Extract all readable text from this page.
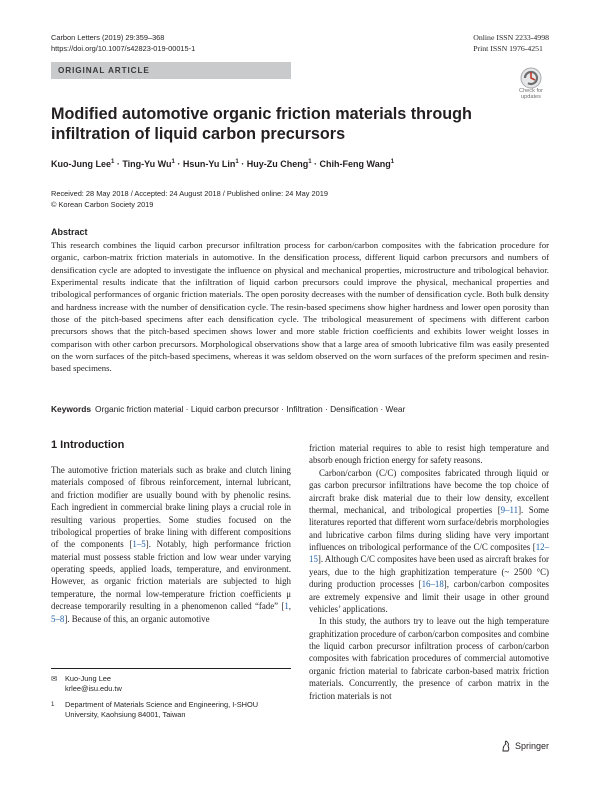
Carbon Letters (2019) 29:359–368
https://doi.org/10.1007/s42823-019-00015-1
Online ISSN 2233-4998
Print ISSN 1976-4251
ORIGINAL ARTICLE
Check for
updates
Modified automotive organic friction materials through infiltration of liquid carbon precursors
Kuo-Jung Lee$^1$ · Ting-Yu $Wu^1$ · Hsun-Yu Lin$^1$ · Huy-Zu Cheng$^1$ · Chih-Feng Wang$^1$
Received: 28 May 2018 / Accepted: 24 August 2018 / Published online: 24 May 2019
© Korean Carbon Society 2019
Abstract
This research combines the liquid carbon precursor infiltration process for carbon/carbon composites with the fabrication procedure for organic, carbon-matrix friction materials in automotive. In the densification process, different liquid carbon precursors and numbers of densification cycle are adopted to investigate the influence on physical and mechanical properties, microstructure and tribological behavior. Experimental results indicate that the infiltration of liquid carbon precursors could improve the physical, mechanical properties and tribological performances of organic friction materials. The open porosity decreases with the number of densification cycle. Both bulk density and hardness increase with the number of densification cycle. The resin-based specimens show higher hardness and lower open porosity than those of the pitch-based specimens after each densification cycle. The tribological measurement of specimens with different carbon precursors shows that the pitch-based specimen shows lower and more stable friction coefficients and exhibits lower weight losses in comparison with other carbon precursors. Morphological observations show that a large area of smooth lubricative film was easily presented on the worn surfaces of the pitch-based specimens, whereas it was seldom observed on the worn surfaces of the preform specimen and resin-based specimens.
Keywords Organic friction material · Liquid carbon precursor · Infiltration · Densification · Wear
1 Introduction

The automotive friction materials such as brake and clutch lining materials composed of fibrous reinforcement, internal lubricant, and friction modifier are usually bound with by phenolic resins. Each ingredient in commercial brake lining plays a crucial role in resulting various properties. Some studies focused on the tribological properties of brake lining with different compositions of the components [1–5]. Notably, high performance friction material must possess stable friction and low wear under varying operating speeds, applied loads, temperature, and environment. However, as organic friction materials are subjected to high temperature, the normal low-temperature friction coefficients μ decrease temporarily resulting in a phenomenon called “fade” [1, 5–8]. Because of this, an organic automotive

friction material requires to able to resist high temperature and absorb enough friction energy for safety reasons.

Carbon/carbon (C/C) composites fabricated through liquid or gas carbon precursor infiltrations have become the top choice of aircraft brake disk material due to their low density, excellent thermal, mechanical, and tribological properties [9–11]. Some literatures reported that different worn surface/debris morphologies and lubricative carbon films during sliding have very important influences on tribological performance of the C/C composites [12–15]. Although C/C composites have been used as aircraft brakes for years, due to the high graphitization temperature (~ 2500 °C) during production processes [16–18], carbon/carbon composites are extremely expensive and limit their usage in other ground vehicles’ applications.

In this study, the authors try to leave out the high temperature graphitization procedure of carbon/carbon composites and combine the liquid carbon precursor infiltration process of carbon/carbon composites with fabrication procedures of commercial automotive organic friction material to fabricate carbon-based matrix friction materials. Concurrently, the presence of carbon matrix in the friction materials is not

✉ Kuo-Jung Lee
krlee@isu.edu.tw
1 Department of Materials Science and Engineering, I-SHOU
University, Kaohsiung 84001, Taiwan
Springer
